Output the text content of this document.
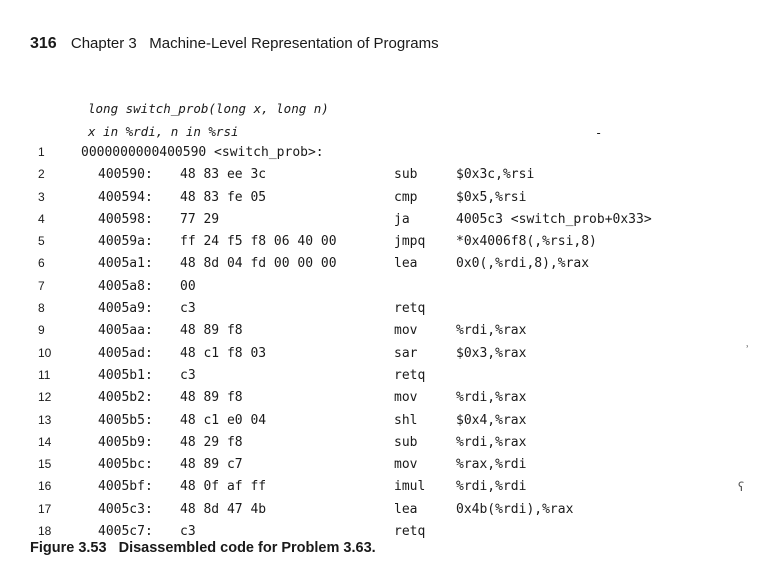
316 Chapter 3   Machine-Level Representation of Programs
long switch_prob(long x, long n)
x in %rdi, n in %rsi	-
1	0000000000400590 <switch_prob>:
2	400590: 48 83 ee 3c	sub	$0x3c,%rsi
3	400594: 48 83 fe 05	cmp	$0x5,%rsi
4	400598: 77 29	ja	4005c3 <switch_prob+0x33>
5	40059a: ff 24 f5 f8 06 40 00	jmpq *0x4006f8(,%rsi,8)
6	4005a1: 48 8d 04 fd 00 00 00	lea	0x0(,%rdi,8),%rax
7	4005a8: 00
8	4005a9: c3	retq
9	4005aa: 48 89 f8	mov	%rdi,%rax
10	4005ad: 48 c1 f8 03	sar	$0x3,%rax
11	4005b1: c3	retq
12	4005b2: 48 89 f8	mov	%rdi,%rax
13	4005b5: 48 c1 e0 04	shl	$0x4,%rax
14	4005b9: 48 29 f8	sub	%rdi,%rax
15	4005bc: 48 89 c7	mov	%rax,%rdi
16	4005bf: 48 0f af ff	imul %rdi,%rdi
17	4005c3: 48 8d 47 4b	lea	0x4b(%rdi),%rax
18	4005c7: c3	retq
˒
ʕ
Figure 3.53 Disassembled code for Problem 3.63.
